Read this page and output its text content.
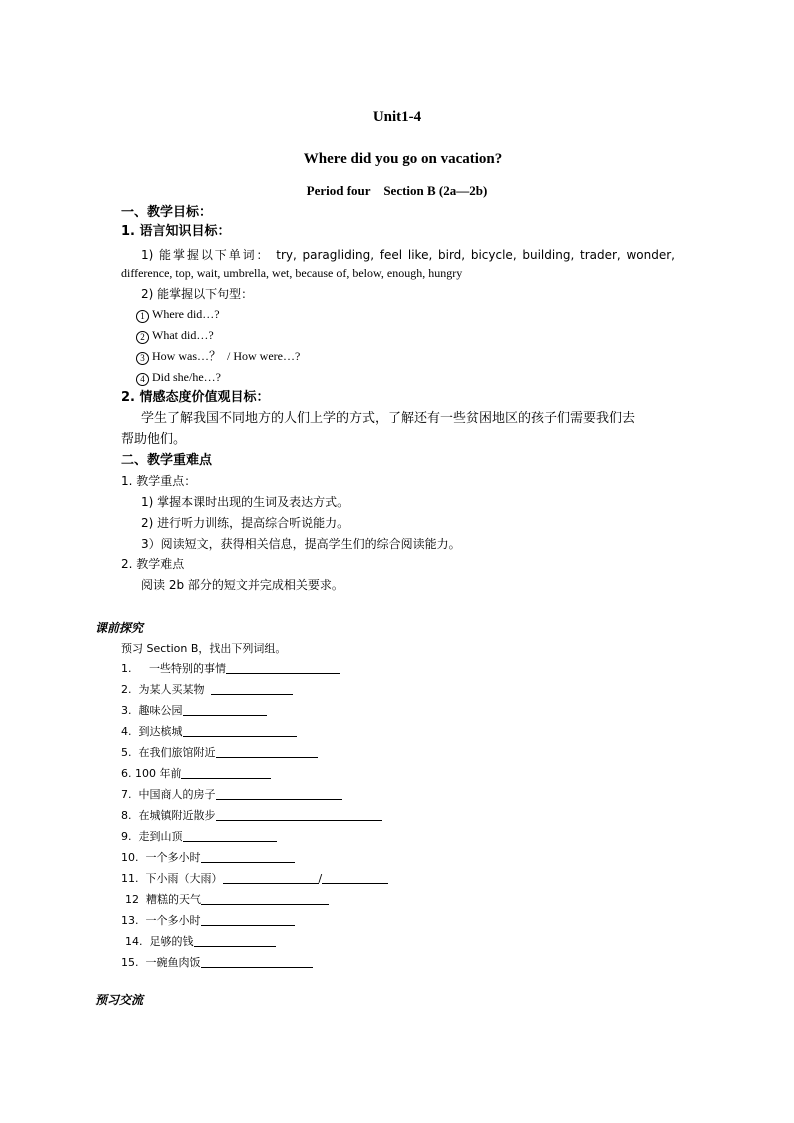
Unit1-4
Where did you go on vacation?
Period four    Section B (2a—2b)
一、教学目标：
1. 语言知识目标：
1) 能掌握以下单词： try, paragliding, feel like, bird, bicycle, building, trader, wonder,
difference, top, wait, umbrella, wet, because of, below, enough, hungry
2) 能掌握以下句型：
1 Where did…?
2 What did…?
3 How was…？  / How were…?
4 Did she/he…?
2. 情感态度价值观目标：
学生了解我国不同地方的人们上学的方式，了解还有一些贫困地区的孩子们需要我们去
帮助他们。
二、教学重难点
1. 教学重点：
1) 掌握本课时出现的生词及表达方式。
2) 进行听力训练，提高综合听说能力。
3）阅读短文，获得相关信息，提高学生们的综合阅读能力。
2. 教学难点
阅读 2b 部分的短文并完成相关要求。
课前探究
预习 Section B，找出下列词组。
1.     一些特别的事情
2.  为某人买某物
3.  趣味公园
4.  到达槟城
5.  在我们旅馆附近
6. 100 年前
7.  中国商人的房子
8.  在城镇附近散步
9.  走到山顶
10.  一个多小时
11.  下小雨（大雨）	/
12  糟糕的天气
13.  一个多小时
14.  足够的钱
15.  一碗鱼肉饭
预习交流
